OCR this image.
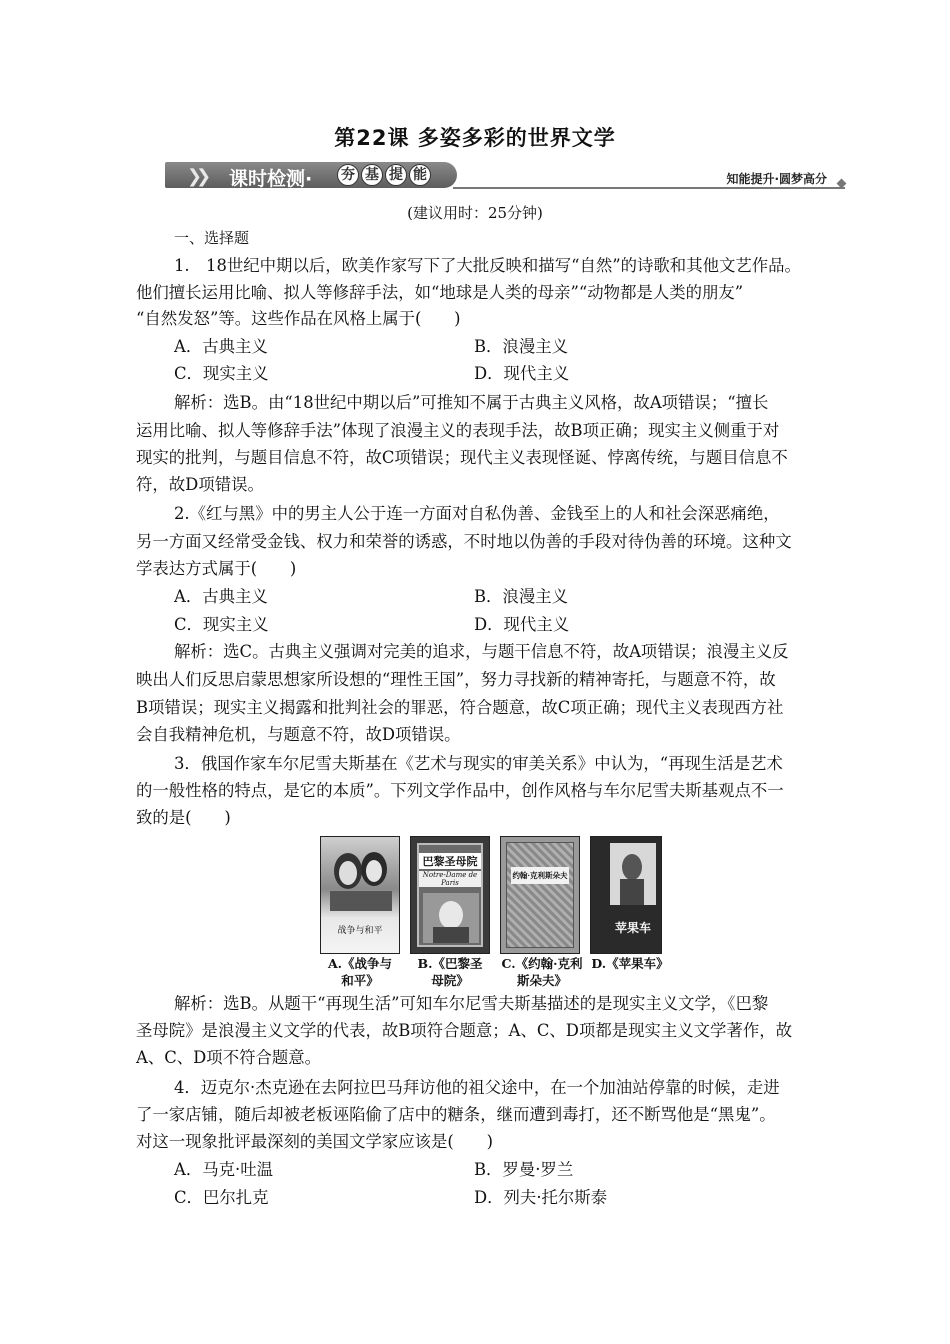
第22课 多姿多彩的世界文学
❯❯ 课时检测· 夯 基 提 能	知能提升·圆梦高分
(建议用时：25分钟)
一、选择题
1.　18世纪中期以后，欧美作家写下了大批反映和描写“自然”的诗歌和其他文艺作品。
他们擅长运用比喻、拟人等修辞手法，如“地球是人类的母亲”“动物都是人类的朋友”
“自然发怒”等。这些作品在风格上属于(　　)
A．古典主义	B．浪漫主义
C．现实主义	D．现代主义
解析：选B。由“18世纪中期以后”可推知不属于古典主义风格，故A项错误；“擅长
运用比喻、拟人等修辞手法”体现了浪漫主义的表现手法，故B项正确；现实主义侧重于对
现实的批判，与题目信息不符，故C项错误；现代主义表现怪诞、悖离传统，与题目信息不
符，故D项错误。
2.《红与黑》中的男主人公于连一方面对自私伪善、金钱至上的人和社会深恶痛绝，
另一方面又经常受金钱、权力和荣誉的诱惑，不时地以伪善的手段对待伪善的环境。这种文
学表达方式属于(　　)
A．古典主义	B．浪漫主义
C．现实主义	D．现代主义
解析：选C。古典主义强调对完美的追求，与题干信息不符，故A项错误；浪漫主义反
映出人们反思启蒙思想家所设想的“理性王国”，努力寻找新的精神寄托，与题意不符，故
B项错误；现实主义揭露和批判社会的罪恶，符合题意，故C项正确；现代主义表现西方社
会自我精神危机，与题意不符，故D项错误。
3．俄国作家车尔尼雪夫斯基在《艺术与现实的审美关系》中认为，“再现生活是艺术
的一般性格的特点，是它的本质”。下列文学作品中，创作风格与车尔尼雪夫斯基观点不一
致的是(　　)
战争与和平
巴黎圣母院
Notre-Dame de Paris
约翰·克利斯朵夫
苹果车
A.《战争与
和平》
B.《巴黎圣
母院》
C.《约翰·克利
斯朵夫》
D.《苹果车》
解析：选B。从题干“再现生活”可知车尔尼雪夫斯基描述的是现实主义文学，《巴黎
圣母院》是浪漫主义文学的代表，故B项符合题意；A、C、D项都是现实主义文学著作，故
A、C、D项不符合题意。
4．迈克尔·杰克逊在去阿拉巴马拜访他的祖父途中，在一个加油站停靠的时候，走进
了一家店铺，随后却被老板诬陷偷了店中的糖条，继而遭到毒打，还不断骂他是“黑鬼”。
对这一现象批评最深刻的美国文学家应该是(　　)
A．马克·吐温	B．罗曼·罗兰
C．巴尔扎克	D．列夫·托尔斯泰
